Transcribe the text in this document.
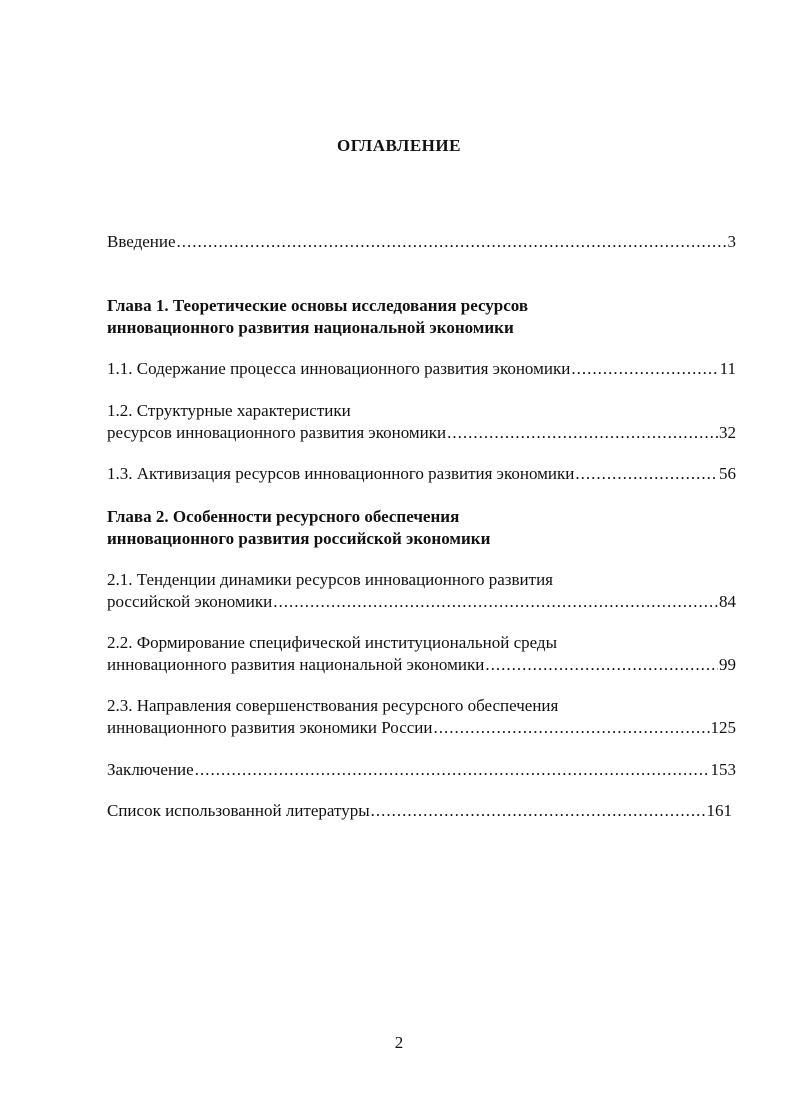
ОГЛАВЛЕНИЕ
Введение .....	3
Глава 1. Теоретические основы исследования ресурсов
инновационного развития национальной экономики
1.1. Содержание процесса инновационного развития экономики .....	11
1.2. Структурные характеристики
ресурсов инновационного развития экономики .....	32
1.3. Активизация ресурсов инновационного развития экономики .....	56
Глава 2. Особенности ресурсного обеспечения
инновационного развития российской экономики
2.1. Тенденции динамики ресурсов инновационного развития
российской экономики .....	84
2.2. Формирование специфической институциональной среды
инновационного развития национальной экономики .....	99
2.3. Направления совершенствования ресурсного обеспечения
инновационного развития экономики России .....	125
Заключение .....	153
Список использованной литературы .....	161
2
